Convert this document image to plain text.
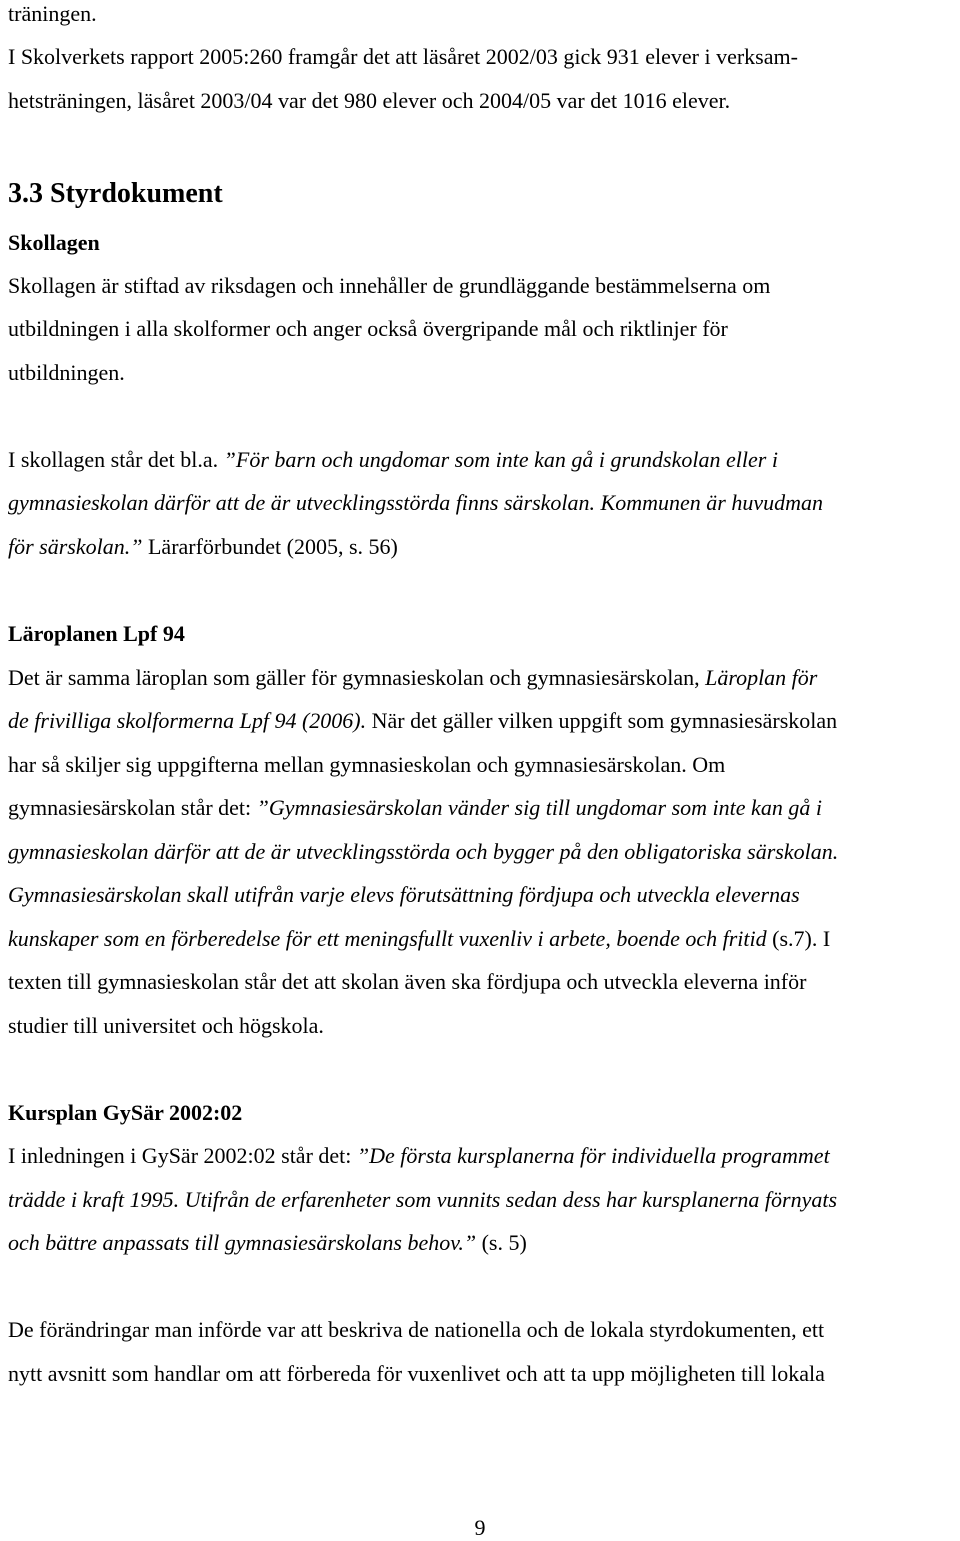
träningen.
I Skolverkets rapport 2005:260 framgår det att läsåret 2002/03 gick 931 elever i verksam-
hetsträningen, läsåret 2003/04 var det 980 elever och 2004/05 var det 1016 elever.
3.3 Styrdokument
Skollagen
Skollagen är stiftad av riksdagen och innehåller de grundläggande bestämmelserna om
utbildningen i alla skolformer och anger också övergripande mål och riktlinjer för
utbildningen.
I skollagen står det bl.a. ”För barn och ungdomar som inte kan gå i grundskolan eller i
gymnasieskolan därför att de är utvecklingsstörda finns särskolan. Kommunen är huvudman
för särskolan.” Lärarförbundet (2005, s. 56)
Läroplanen Lpf 94
Det är samma läroplan som gäller för gymnasieskolan och gymnasiesärskolan, Läroplan för
de frivilliga skolformerna Lpf 94 (2006). När det gäller vilken uppgift som gymnasiesärskolan
har så skiljer sig uppgifterna mellan gymnasieskolan och gymnasiesärskolan. Om
gymnasiesärskolan står det: ”Gymnasiesärskolan vänder sig till ungdomar som inte kan gå i
gymnasieskolan därför att de är utvecklingsstörda och bygger på den obligatoriska särskolan.
Gymnasiesärskolan skall utifrån varje elevs förutsättning fördjupa och utveckla elevernas
kunskaper som en förberedelse för ett meningsfullt vuxenliv i arbete, boende och fritid (s.7). I
texten till gymnasieskolan står det att skolan även ska fördjupa och utveckla eleverna inför
studier till universitet och högskola.
Kursplan GySär 2002:02
I inledningen i GySär 2002:02 står det: ”De första kursplanerna för individuella programmet
trädde i kraft 1995. Utifrån de erfarenheter som vunnits sedan dess har kursplanerna förnyats
och bättre anpassats till gymnasiesärskolans behov.” (s. 5)
De förändringar man införde var att beskriva de nationella och de lokala styrdokumenten, ett
nytt avsnitt som handlar om att förbereda för vuxenlivet och att ta upp möjligheten till lokala
9
